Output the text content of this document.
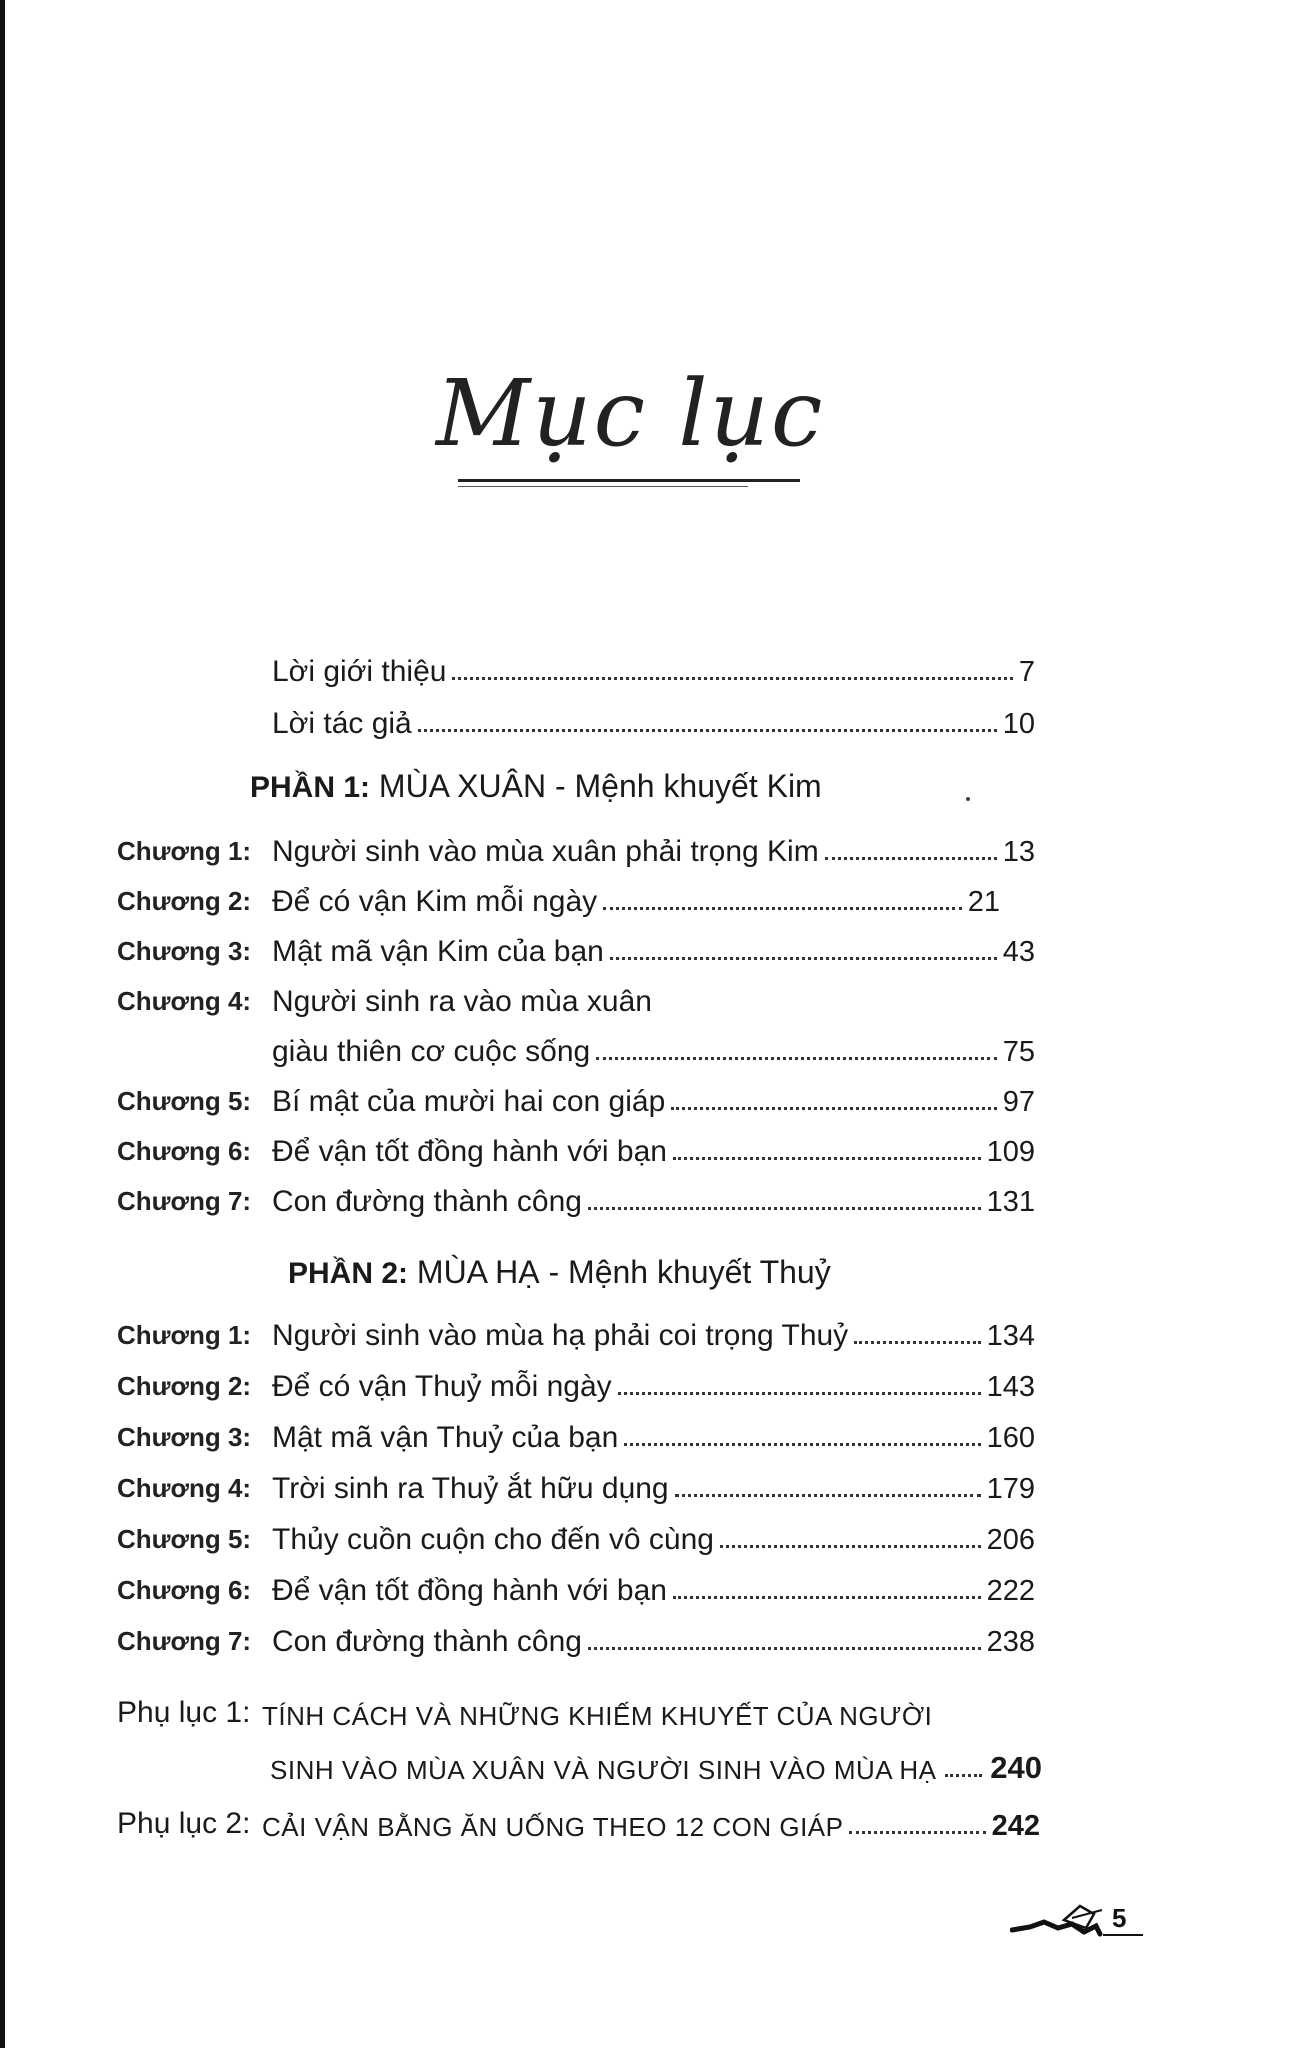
Mục lục
Lời giới thiệu	7
Lời tác giả	10
PHẦN 1: MÙA XUÂN - Mệnh khuyết Kim
Chương 1: Người sinh vào mùa xuân phải trọng Kim	13
Chương 2: Để có vận Kim mỗi ngày	21
Chương 3: Mật mã vận Kim của bạn	43
Chương 4: Người sinh ra vào mùa xuân
giàu thiên cơ cuộc sống	75
Chương 5: Bí mật của mười hai con giáp	97
Chương 6: Để vận tốt đồng hành với bạn	109
Chương 7: Con đường thành công	131
PHẦN 2: MÙA HẠ - Mệnh khuyết Thuỷ
Chương 1: Người sinh vào mùa hạ phải coi trọng Thuỷ	134
Chương 2: Để có vận Thuỷ mỗi ngày	143
Chương 3: Mật mã vận Thuỷ của bạn	160
Chương 4: Trời sinh ra Thuỷ ắt hữu dụng	179
Chương 5: Thủy cuồn cuộn cho đến vô cùng	206
Chương 6: Để vận tốt đồng hành với bạn	222
Chương 7: Con đường thành công	238
Phụ lục 1: TÍNH CÁCH VÀ NHỮNG KHIẾM KHUYẾT CỦA NGƯỜI
SINH VÀO MÙA XUÂN VÀ NGƯỜI SINH VÀO MÙA HẠ 240
Phụ lục 2: CẢI VẬN BẰNG ĂN UỐNG THEO 12 CON GIÁP	242
5
